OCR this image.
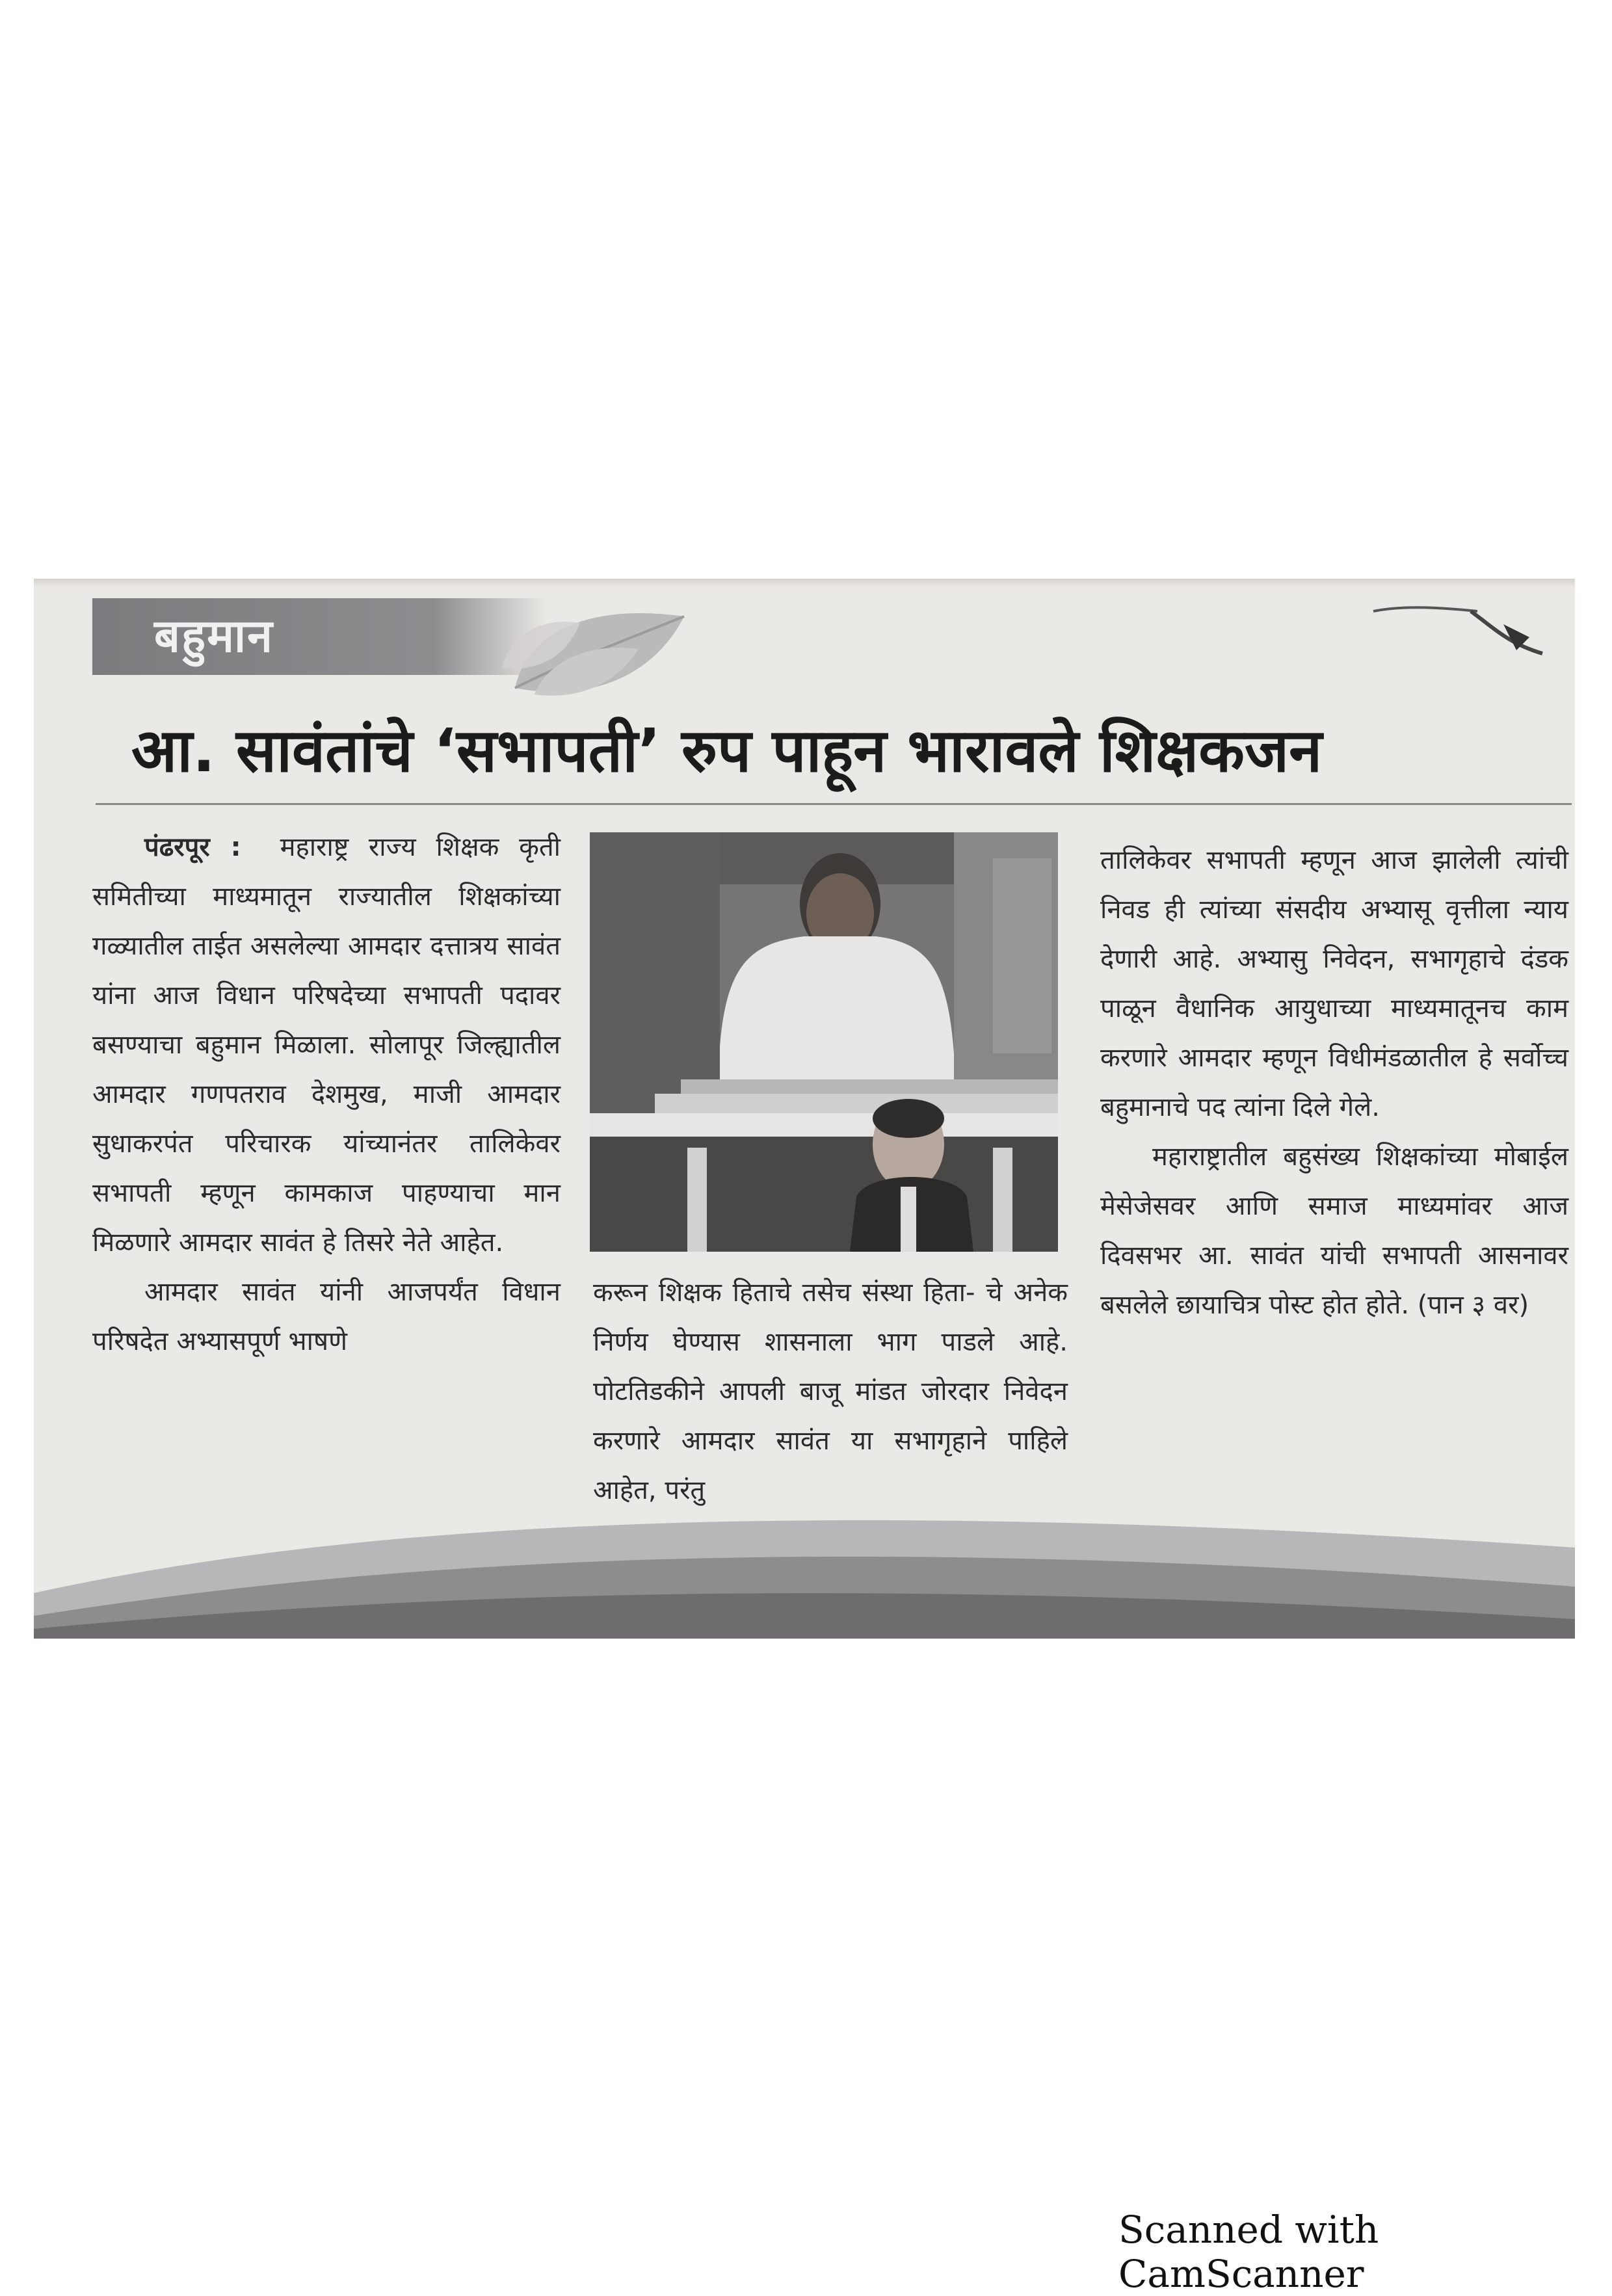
बहुमान
आ. सावंतांचे ‘सभापती’ रुप पाहून भारावले शिक्षकजन

पंढरपूर : महाराष्ट्र राज्य शिक्षक कृती समितीच्या माध्यमातून राज्यातील शिक्षकांच्या गळ्यातील ताईत असलेल्या आमदार दत्तात्रय सावंत यांना आज विधान परिषदेच्या सभापती पदावर बसण्याचा बहुमान मिळाला. सोलापूर जिल्ह्यातील आमदार गणपतराव देशमुख, माजी आमदार सुधाकरपंत परिचारक यांच्यानंतर तालिकेवर सभापती म्हणून कामकाज पाहण्याचा मान मिळणारे आमदार सावंत हे तिसरे नेते आहेत.

आमदार सावंत यांनी आजपर्यंत विधान परिषदेत अभ्यासपूर्ण भाषणे

करून शिक्षक हिताचे तसेच संस्था हिता- चे अनेक निर्णय घेण्यास शासनाला भाग पाडले आहे. पोटतिडकीने आपली बाजू मांडत जोरदार निवेदन करणारे आमदार सावंत या सभागृहाने पाहिले आहेत, परंतु

तालिकेवर सभापती म्हणून आज झालेली त्यांची निवड ही त्यांच्या संसदीय अभ्यासू वृत्तीला न्याय देणारी आहे. अभ्यासु निवेदन, सभागृहाचे दंडक पाळून वैधानिक आयुधाच्या माध्यमातूनच काम करणारे आमदार म्हणून विधीमंडळातील हे सर्वोच्च बहुमानाचे पद त्यांना दिले गेले.

महाराष्ट्रातील बहुसंख्य शिक्षकांच्या मोबाईल मेसेजेसवर आणि समाज माध्यमांवर आज दिवसभर आ. सावंत यांची सभापती आसनावर बसलेले छायाचित्र पोस्ट होत होते. (पान ३ वर)

Scanned with CamScanner
